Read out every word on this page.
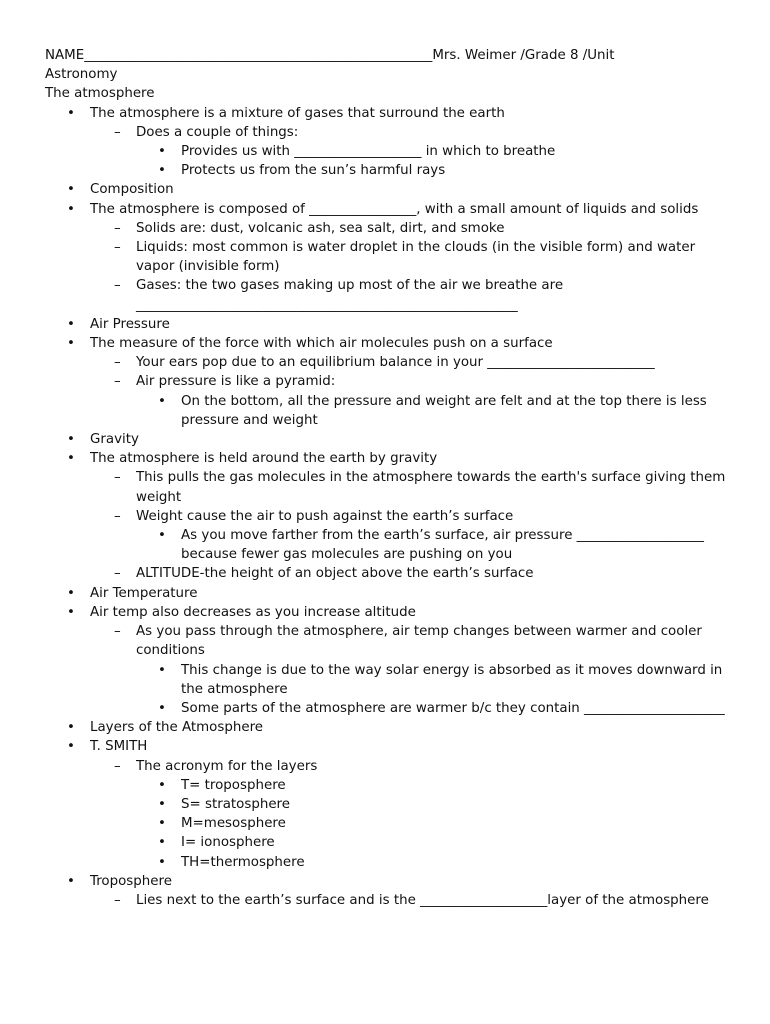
NAME____________________________________________________Mrs. Weimer /Grade 8 /Unit
Astronomy
The atmosphere
• The atmosphere is a mixture of gases that surround the earth
– Does a couple of things:
• Provides us with ___________________ in which to breathe
• Protects us from the sun’s harmful rays
• Composition
• The atmosphere is composed of ________________, with a small amount of liquids and solids
– Solids are: dust, volcanic ash, sea salt, dirt, and smoke
– Liquids: most common is water droplet in the clouds (in the visible form) and water vapor (invisible form)
– Gases: the two gases making up most of the air we breathe are _________________________________________________________
• Air Pressure
• The measure of the force with which air molecules push on a surface
– Your ears pop due to an equilibrium balance in your _________________________
– Air pressure is like a pyramid:
• On the bottom, all the pressure and weight are felt and at the top there is less pressure and weight
• Gravity
• The atmosphere is held around the earth by gravity
– This pulls the gas molecules in the atmosphere towards the earth's surface giving them weight
– Weight cause the air to push against the earth’s surface
• As you move farther from the earth’s surface, air pressure ___________________ because fewer gas molecules are pushing on you
– ALTITUDE-the height of an object above the earth’s surface
• Air Temperature
• Air temp also decreases as you increase altitude
– As you pass through the atmosphere, air temp changes between warmer and cooler conditions
• This change is due to the way solar energy is absorbed as it moves downward in the atmosphere
• Some parts of the atmosphere are warmer b/c they contain _____________________
• Layers of the Atmosphere
• T. SMITH
– The acronym for the layers
• T= troposphere
• S= stratosphere
• M=mesosphere
• I= ionosphere
• TH=thermosphere
• Troposphere
– Lies next to the earth’s surface and is the ___________________layer of the atmosphere
